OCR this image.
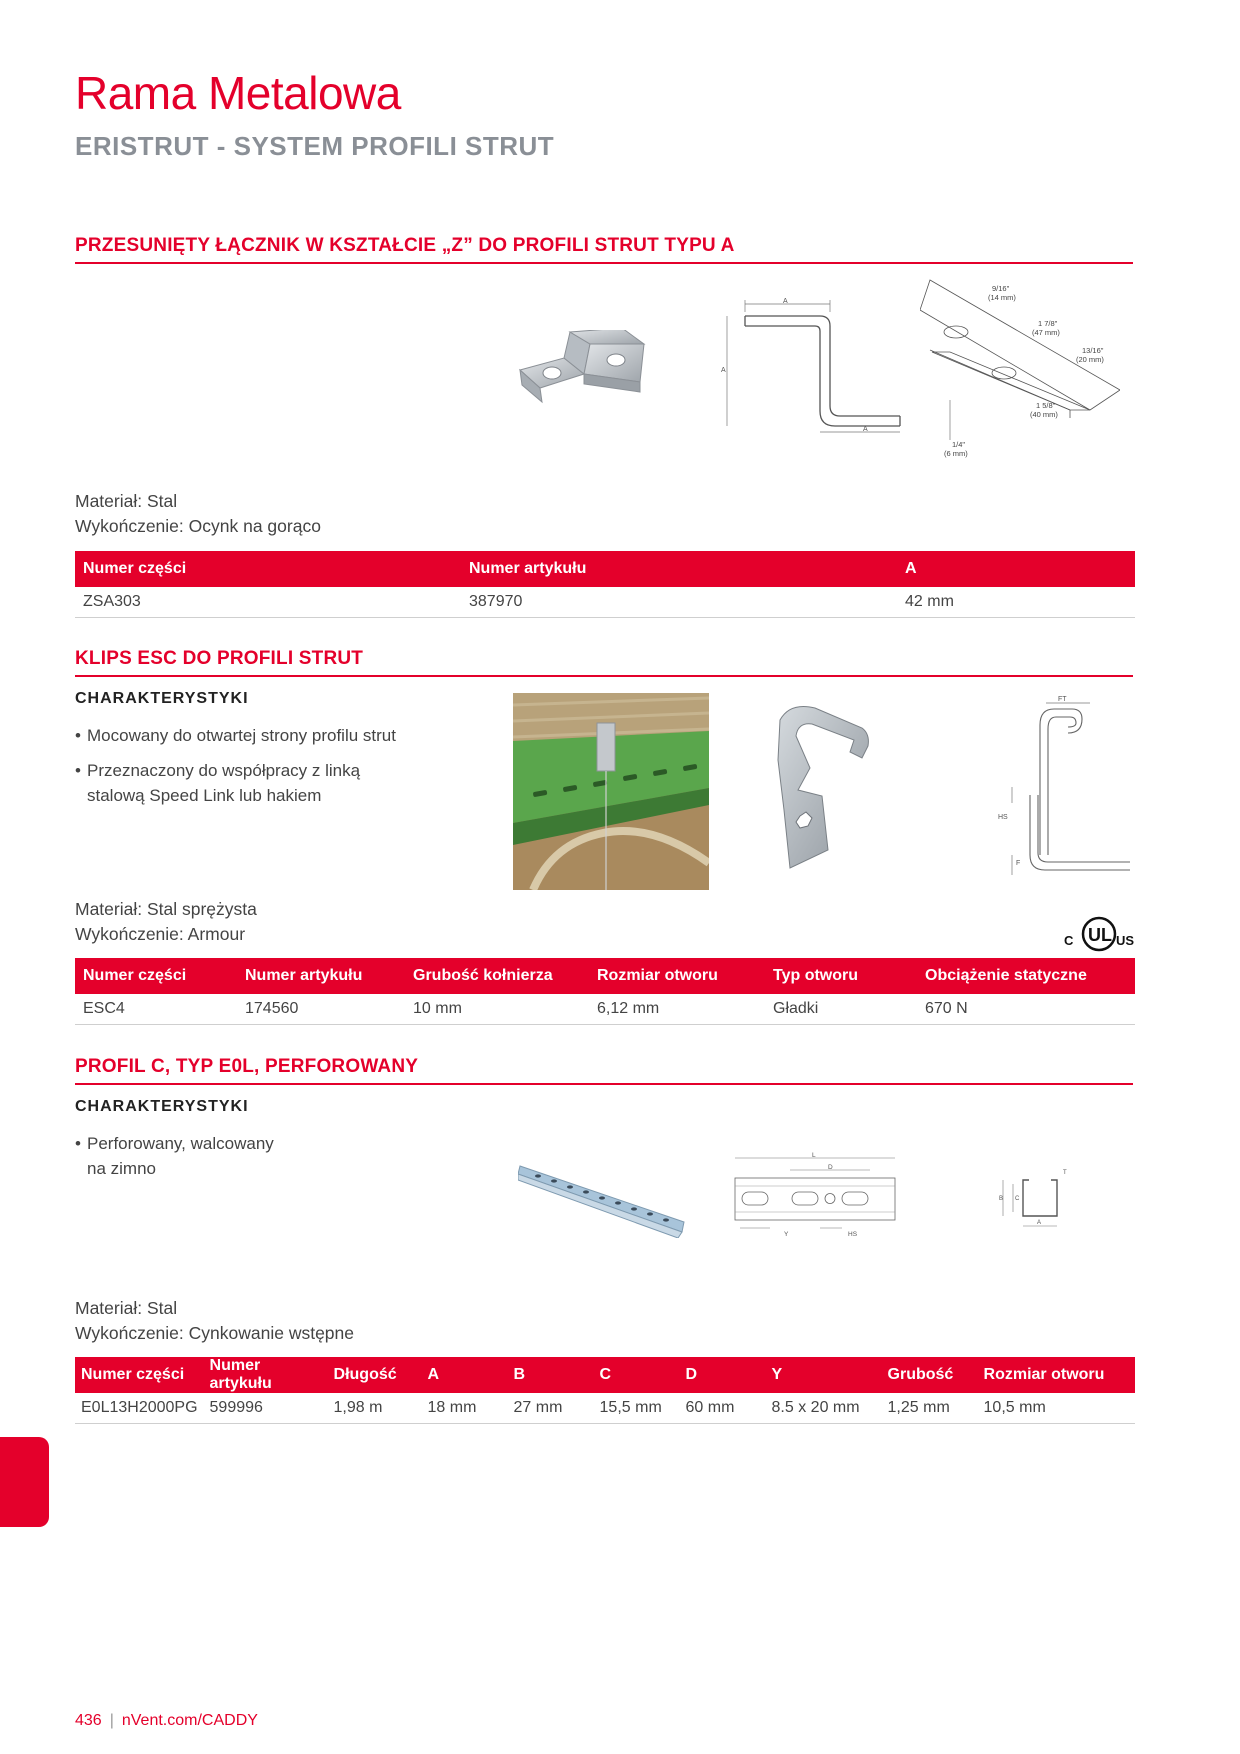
Rama Metalowa
ERISTRUT - SYSTEM PROFILI STRUT
PRZESUNIĘTY ŁĄCZNIK W KSZTAŁCIE „Z” DO PROFILI STRUT TYPU A
A
A
A
9/16"
(14 mm)
1 7/8"
(47 mm)
13/16"
(20 mm)
1 5/8"
(40 mm)
1/4"
(6 mm)
Materiał: Stal
Wykończenie: Ocynk na gorąco
Numer części	Numer artykułu	A
ZSA303	387970	42 mm
KLIPS ESC DO PROFILI STRUT
CHARAKTERYSTYKI
• Mocowany do otwartej strony profilu strut
• Przeznaczony do współpracy z linką
stalową Speed Link lub hakiem
FT
HS
F
Materiał: Stal sprężysta
Wykończenie: Armour	UL
C	US
Numer części	Numer artykułu	Grubość kołnierza	Rozmiar otworu	Typ otworu	Obciążenie statyczne
ESC4	174560	10 mm	6,12 mm	Gładki	670 N
PROFIL C, TYP E0L, PERFOROWANY
CHARAKTERYSTYKI
• Perforowany, walcowany
na zimno
L
D
Y	HS
B C
A
T
Materiał: Stal
Wykończenie: Cynkowanie wstępne
Numer części	Numer artykułu	Długość	A	B	C	D	Y	Grubość	Rozmiar otworu
E0L13H2000PG	599996	1,98 m	18 mm	27 mm	15,5 mm	60 mm	8.5 x 20 mm	1,25 mm	10,5 mm
436 | nVent.com/CADDY
